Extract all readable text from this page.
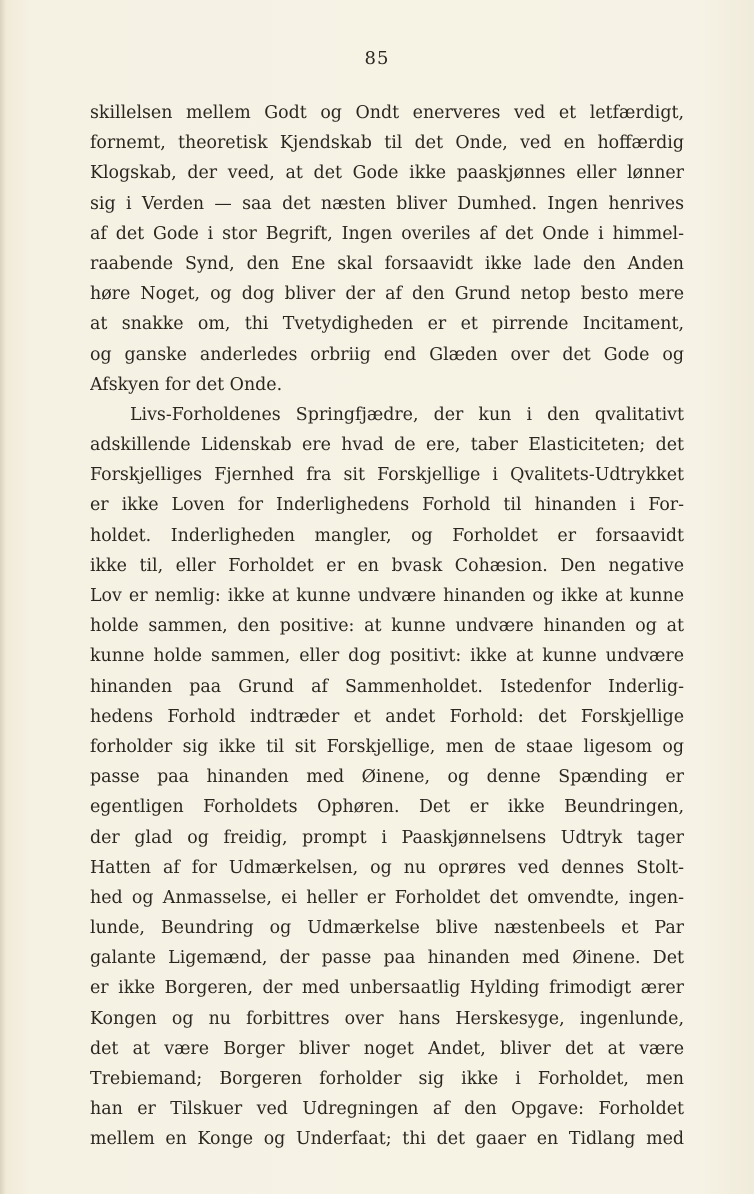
85
skillelsen mellem Godt og Ondt enerveres ved et letfærdigt,
fornemt, theoretisk Kjendskab til det Onde, ved en hoffærdig
Klogskab, der veed, at det Gode ikke paaskjønnes eller lønner
sig i Verden — saa det næsten bliver Dumhed. Ingen henrives
af det Gode i stor Begrift, Ingen overiles af det Onde i himmel-
raabende Synd, den Ene skal forsaavidt ikke lade den Anden
høre Noget, og dog bliver der af den Grund netop besto mere
at snakke om, thi Tvetydigheden er et pirrende Incitament,
og ganske anderledes orbriig end Glæden over det Gode og
Afskyen for det Onde.
Livs-Forholdenes Springfjædre, der kun i den qvalitativt
adskillende Lidenskab ere hvad de ere, taber Elasticiteten; det
Forskjelliges Fjernhed fra sit Forskjellige i Qvalitets-Udtrykket
er ikke Loven for Inderlighedens Forhold til hinanden i For-
holdet. Inderligheden mangler, og Forholdet er forsaavidt
ikke til, eller Forholdet er en bvask Cohæsion. Den negative
Lov er nemlig: ikke at kunne undvære hinanden og ikke at kunne
holde sammen, den positive: at kunne undvære hinanden og at
kunne holde sammen, eller dog positivt: ikke at kunne undvære
hinanden paa Grund af Sammenholdet. Istedenfor Inderlig-
hedens Forhold indtræder et andet Forhold: det Forskjellige
forholder sig ikke til sit Forskjellige, men de staae ligesom og
passe paa hinanden med Øinene, og denne Spænding er
egentligen Forholdets Ophøren. Det er ikke Beundringen,
der glad og freidig, prompt i Paaskjønnelsens Udtryk tager
Hatten af for Udmærkelsen, og nu oprøres ved dennes Stolt-
hed og Anmasselse, ei heller er Forholdet det omvendte, ingen-
lunde, Beundring og Udmærkelse blive næstenbeels et Par
galante Ligemænd, der passe paa hinanden med Øinene. Det
er ikke Borgeren, der med unbersaatlig Hylding frimodigt ærer
Kongen og nu forbittres over hans Herskesyge, ingenlunde,
det at være Borger bliver noget Andet, bliver det at være
Trebiemand; Borgeren forholder sig ikke i Forholdet, men
han er Tilskuer ved Udregningen af den Opgave: Forholdet
mellem en Konge og Underfaat; thi det gaaer en Tidlang med
